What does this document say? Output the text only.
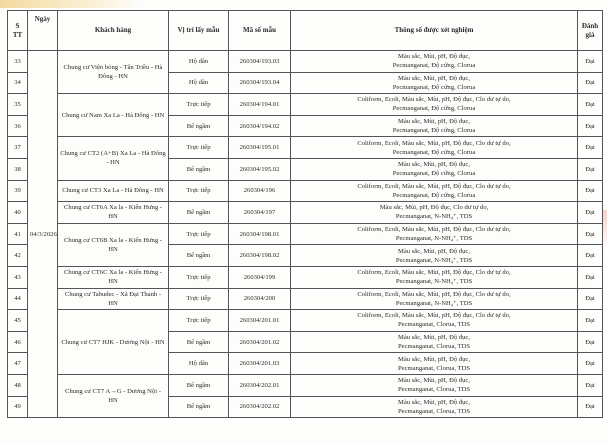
S
TT	Ngày	Khách hàng	Vị trí lấy mẫu	Mã số mẫu	Thông số được xét nghiệm	Đánh giá
33	04/3/2026	Chung cư Viện bỏng - Tân Triều - Hà Đông - HN	Hộ dân	260304/193.03	Màu sắc, Mùi, pH, Độ đục,
Pecmanganat, Độ cứng, Clorua	Đạt
34			Hộ dân	260304/193.04	Màu sắc, Mùi, pH, Độ đục,
Pecmanganat, Độ cứng, Clorua	Đạt
35		Chung cư Nam Xa La - Hà Đông - HN	Trực tiếp	260304/194.01	Coliform, Ecoli, Màu sắc, Mùi, pH, Độ đục, Clo dư tự do,
Pecmanganat, Độ cứng, Clorua	Đạt
36			Bể ngầm	260304/194.02	Màu sắc, Mùi, pH, Độ đục,
Pecmanganat, Độ cứng, Clorua	Đạt
37		Chung cư CT2 (A+B) Xa La - Hà Đông - HN	Trực tiếp	260304/195.01	Coliform, Ecoli, Màu sắc, Mùi, pH, Độ đục, Clo dư tự do,
Pecmanganat, Độ cứng, Clorua	Đạt
38			Bể ngầm	260304/195.02	Màu sắc, Mùi, pH, Độ đục,
Pecmanganat, Độ cứng, Clorua	Đạt
39		Chung cư CT3 Xa La - Hà Đông - HN	Trực tiếp	260304/196	Coliform, Ecoli, Màu sắc, Mùi, pH, Độ đục, Clo dư tự do,
Pecmanganat, Độ cứng, Clorua	Đạt
40		Chung cư CT6A Xa la - Kiến Hưng - HN	Bể ngầm	260304/197	Màu sắc, Mùi, pH, Độ đục, Clo dư tự do,
Pecmanganat, N-NH₄⁺, TDS	Đạt
41		Chung cư CT6B Xa la - Kiến Hưng - HN	Trực tiếp	260304/198.01	Coliform, Ecoli, Màu sắc, Mùi, pH, Độ đục, Clo dư tự do,
Pecmanganat, N-NH₄⁺, TDS	Đạt
42			Bể ngầm	260304/198.02	Màu sắc, Mùi, pH, Độ đục,
Pecmanganat, N-NH₄⁺, TDS	Đạt
43		Chung cư CT6C Xa la - Kiến Hưng - HN	Trực tiếp	260304/199	Coliform, Ecoli, Màu sắc, Mùi, pH, Độ đục, Clo dư tự do,
Pecmanganat, N-NH₄⁺, TDS	Đạt
44		Chung cư Tabudec - Xã Đại Thanh - HN	Trực tiếp	260304/200	Coliform, Ecoli, Màu sắc, Mùi, pH, Độ đục, Clo dư tự do,
Pecmanganat, N-NH₄⁺, TDS	Đạt
45		Chung cư CT7 HJK - Dương Nội - HN	Trực tiếp	260304/201.01	Coliform, Ecoli, Màu sắc, Mùi, pH, Độ đục, Clo dư tự do,
Pecmanganat, Clorua, TDS	Đạt
46			Bể ngầm	260304/201.02	Màu sắc, Mùi, pH, Độ đục,
Pecmanganat, Clorua, TDS	Đạt
47			Hộ dân	260304/201.03	Màu sắc, Mùi, pH, Độ đục,
Pecmanganat, Clorua, TDS	Đạt
48		Chung cư CT7 A→G - Dương Nội - HN	Bể ngầm	260304/202.01	Màu sắc, Mùi, pH, Độ đục,
Pecmanganat, Clorua, TDS	Đạt
49			Bể ngầm	260304/202.02	Màu sắc, Mùi, pH, Độ đục,
Pecmanganat, Clorua, TDS	Đạt
